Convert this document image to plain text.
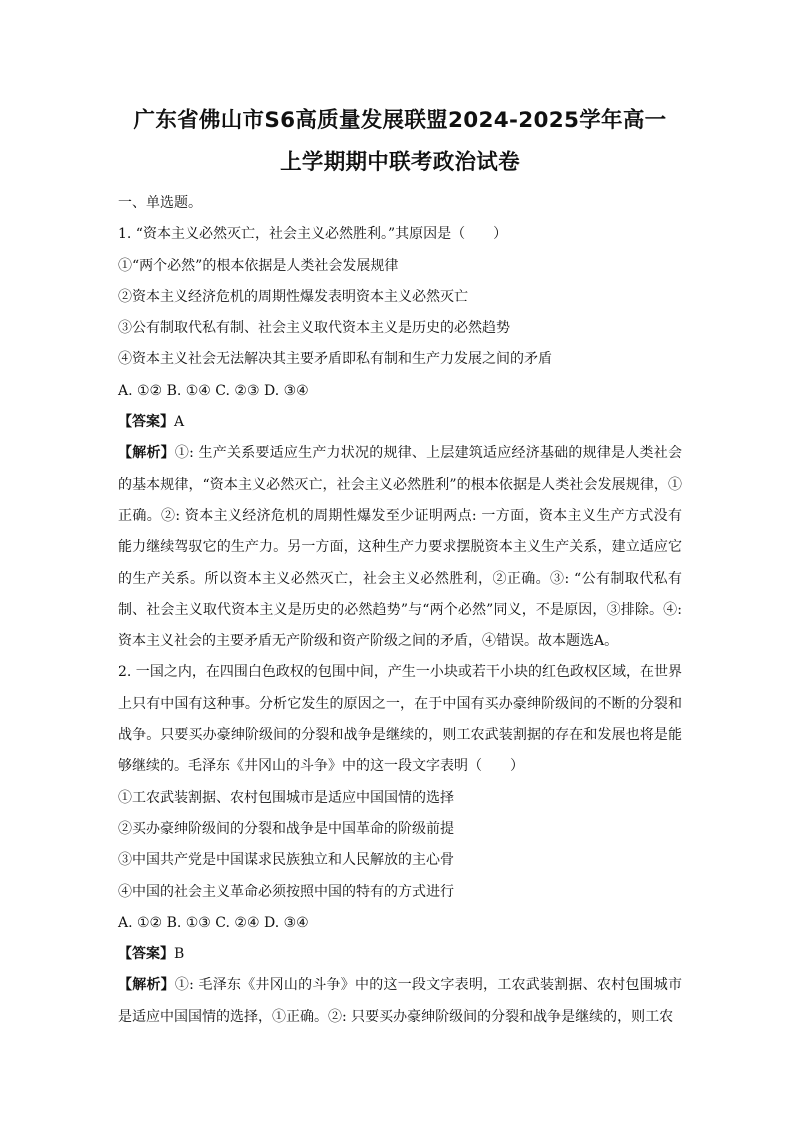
广东省佛山市S6高质量发展联盟2024-2025学年高一
上学期期中联考政治试卷
一、单选题。
1. “资本主义必然灭亡，社会主义必然胜利。”其原因是（　　）
①“两个必然”的根本依据是人类社会发展规律
②资本主义经济危机的周期性爆发表明资本主义必然灭亡
③公有制取代私有制、社会主义取代资本主义是历史的必然趋势
④资本主义社会无法解决其主要矛盾即私有制和生产力发展之间的矛盾
A. ①② B. ①④ C. ②③ D. ③④
【答案】A

【解析】①: 生产关系要适应生产力状况的规律、上层建筑适应经济基础的规律是人类社会的基本规律，“资本主义必然灭亡，社会主义必然胜利”的根本依据是人类社会发展规律，①正确。②: 资本主义经济危机的周期性爆发至少证明两点: 一方面，资本主义生产方式没有能力继续驾驭它的生产力。另一方面，这种生产力要求摆脱资本主义生产关系，建立适应它的生产关系。所以资本主义必然灭亡，社会主义必然胜利，②正确。③: “公有制取代私有制、社会主义取代资本主义是历史的必然趋势”与“两个必然”同义，不是原因，③排除。④: 资本主义社会的主要矛盾无产阶级和资产阶级之间的矛盾，④错误。故本题选A。

2. 一国之内，在四围白色政权的包围中间，产生一小块或若干小块的红色政权区域，在世界上只有中国有这种事。分析它发生的原因之一，在于中国有买办豪绅阶级间的不断的分裂和战争。只要买办豪绅阶级间的分裂和战争是继续的，则工农武装割据的存在和发展也将是能够继续的。毛泽东《井冈山的斗争》中的这一段文字表明（　　）

①工农武装割据、农村包围城市是适应中国国情的选择
②买办豪绅阶级间的分裂和战争是中国革命的阶级前提
③中国共产党是中国谋求民族独立和人民解放的主心骨
④中国的社会主义革命必须按照中国的特有的方式进行
A. ①② B. ①③ C. ②④ D. ③④
【答案】B

【解析】①: 毛泽东《井冈山的斗争》中的这一段文字表明，工农武装割据、农村包围城市是适应中国国情的选择，①正确。②: 只要买办豪绅阶级间的分裂和战争是继续的，则工农
